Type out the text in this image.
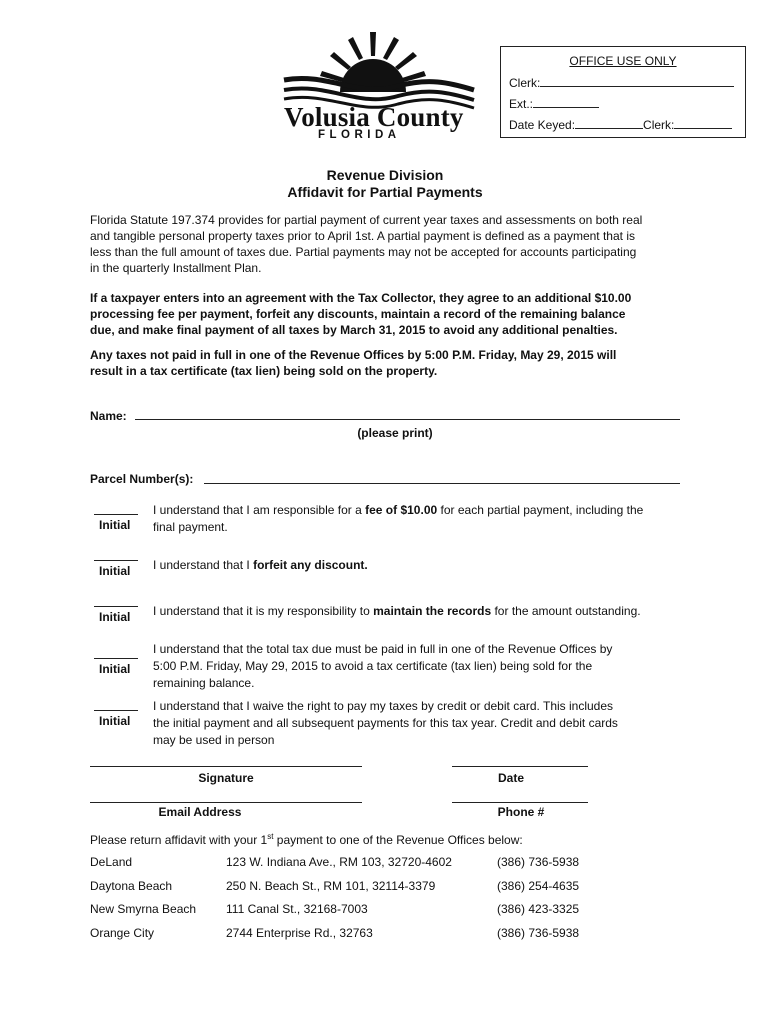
Volusia County
FLORIDA
OFFICE USE ONLY
Clerk:
Ext.:
Date Keyed:	Clerk:
Revenue Division
Affidavit for Partial Payments
Florida Statute 197.374 provides for partial payment of current year taxes and assessments on both real
and tangible personal property taxes prior to April 1st. A partial payment is defined as a payment that is
less than the full amount of taxes due. Partial payments may not be accepted for accounts participating
in the quarterly Installment Plan.
If a taxpayer enters into an agreement with the Tax Collector, they agree to an additional $10.00
processing fee per payment, forfeit any discounts, maintain a record of the remaining balance
due, and make final payment of all taxes by March 31, 2015 to avoid any additional penalties.
Any taxes not paid in full in one of the Revenue Offices by 5:00 P.M. Friday, May 29, 2015 will
result in a tax certificate (tax lien) being sold on the property.
Name:
(please print)
Parcel Number(s):
Initial
I understand that I am responsible for a fee of $10.00 for each partial payment, including the
final payment.
Initial I understand that I forfeit any discount.
Initial I understand that it is my responsibility to maintain the records for the amount outstanding.
Initial
I understand that the total tax due must be paid in full in one of the Revenue Offices by
5:00 P.M. Friday, May 29, 2015 to avoid a tax certificate (tax lien) being sold for the
remaining balance.
Initial
I understand that I waive the right to pay my taxes by credit or debit card. This includes
the initial payment and all subsequent payments for this tax year. Credit and debit cards
may be used in person
Signature	Date
Email Address	Phone #
Please return affidavit with your 1st payment to one of the Revenue Offices below:
DeLand	123 W. Indiana Ave., RM 103, 32720-4602	(386) 736-5938
Daytona Beach	250 N. Beach St., RM 101, 32114-3379	(386) 254-4635
New Smyrna Beach 111 Canal St., 32168-7003	(386) 423-3325
Orange City	2744 Enterprise Rd., 32763	(386) 736-5938
